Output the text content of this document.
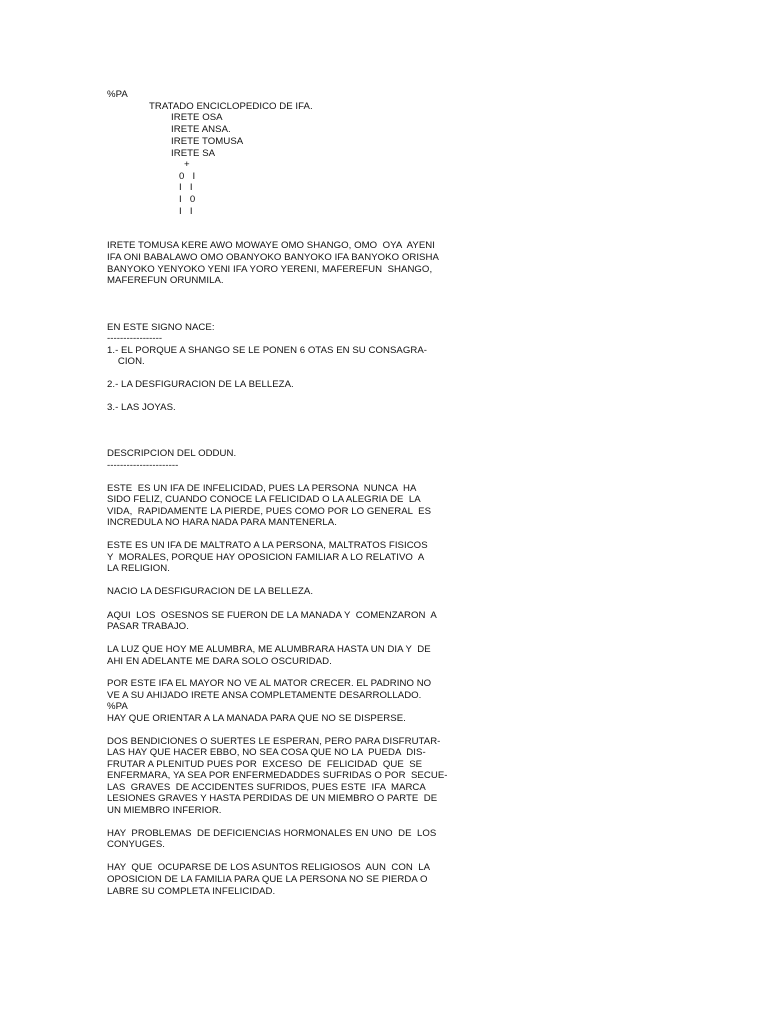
%PA
TRATADO ENCICLOPEDICO DE IFA.
IRETE OSA
IRETE ANSA.
IRETE TOMUSA
IRETE SA
+
0   I
I   I
I   0
I   I
IRETE TOMUSA KERE AWO MOWAYE OMO SHANGO, OMO  OYA  AYENI
IFA ONI BABALAWO OMO OBANYOKO BANYOKO IFA BANYOKO ORISHA
BANYOKO YENYOKO YENI IFA YORO YERENI, MAFEREFUN  SHANGO,
MAFEREFUN ORUNMILA.
EN ESTE SIGNO NACE:
-----------------
1.- EL PORQUE A SHANGO SE LE PONEN 6 OTAS EN SU CONSAGRA-
CION.
2.- LA DESFIGURACION DE LA BELLEZA.
3.- LAS JOYAS.
DESCRIPCION DEL ODDUN.
----------------------
ESTE  ES UN IFA DE INFELICIDAD, PUES LA PERSONA  NUNCA  HA
SIDO FELIZ, CUANDO CONOCE LA FELICIDAD O LA ALEGRIA DE  LA
VIDA,  RAPIDAMENTE LA PIERDE, PUES COMO POR LO GENERAL  ES
INCREDULA NO HARA NADA PARA MANTENERLA.
ESTE ES UN IFA DE MALTRATO A LA PERSONA, MALTRATOS FISICOS
Y  MORALES, PORQUE HAY OPOSICION FAMILIAR A LO RELATIVO  A
LA RELIGION.
NACIO LA DESFIGURACION DE LA BELLEZA.
AQUI  LOS  OSESNOS SE FUERON DE LA MANADA Y  COMENZARON  A
PASAR TRABAJO.
LA LUZ QUE HOY ME ALUMBRA, ME ALUMBRARA HASTA UN DIA Y  DE
AHI EN ADELANTE ME DARA SOLO OSCURIDAD.
POR ESTE IFA EL MAYOR NO VE AL MATOR CRECER. EL PADRINO NO
VE A SU AHIJADO IRETE ANSA COMPLETAMENTE DESARROLLADO.
%PA
HAY QUE ORIENTAR A LA MANADA PARA QUE NO SE DISPERSE.
DOS BENDICIONES O SUERTES LE ESPERAN, PERO PARA DISFRUTAR-
LAS HAY QUE HACER EBBO, NO SEA COSA QUE NO LA  PUEDA  DIS-
FRUTAR A PLENITUD PUES POR  EXCESO  DE  FELICIDAD  QUE  SE
ENFERMARA, YA SEA POR ENFERMEDADDES SUFRIDAS O POR  SECUE-
LAS  GRAVES  DE ACCIDENTES SUFRIDOS, PUES ESTE  IFA  MARCA
LESIONES GRAVES Y HASTA PERDIDAS DE UN MIEMBRO O PARTE  DE
UN MIEMBRO INFERIOR.
HAY  PROBLEMAS  DE DEFICIENCIAS HORMONALES EN UNO  DE  LOS
CONYUGES.
HAY  QUE  OCUPARSE DE LOS ASUNTOS RELIGIOSOS  AUN  CON  LA
OPOSICION DE LA FAMILIA PARA QUE LA PERSONA NO SE PIERDA O
LABRE SU COMPLETA INFELICIDAD.
